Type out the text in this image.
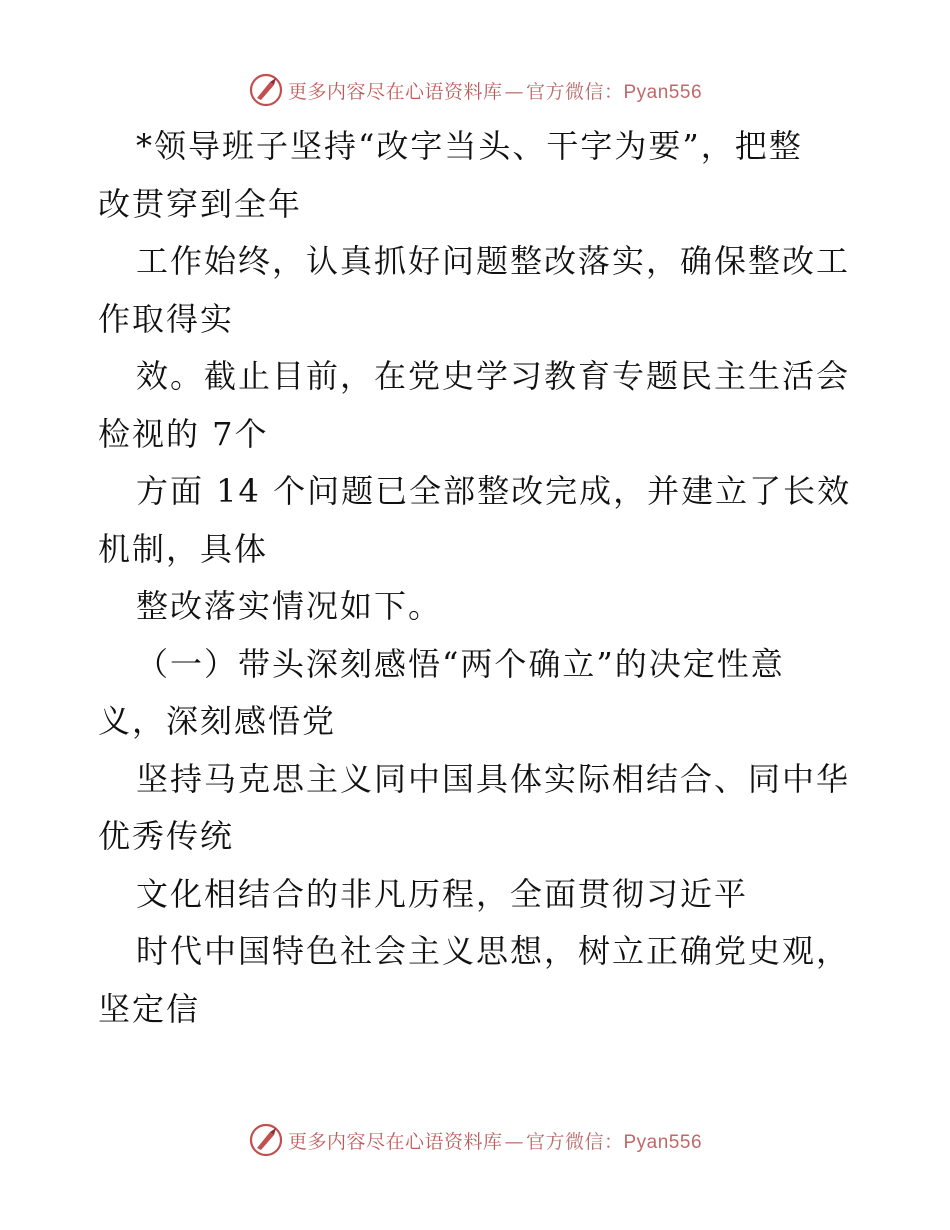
更多内容尽在心语资料库 — 官方微信：Pyan556
*领导班子坚持“改字当头、干字为要”，把整
改贯穿到全年
工作始终，认真抓好问题整改落实，确保整改工
作取得实
效。截止目前，在党史学习教育专题民主生活会
检视的 7个
方面 14 个问题已全部整改完成，并建立了长效
机制，具体
整改落实情况如下。
（一）带头深刻感悟“两个确立”的决定性意
义，深刻感悟党
坚持马克思主义同中国具体实际相结合、同中华
优秀传统
文化相结合的非凡历程，全面贯彻习近平
时代中国特色社会主义思想，树立正确党史观，
坚定信
更多内容尽在心语资料库 — 官方微信：Pyan556
